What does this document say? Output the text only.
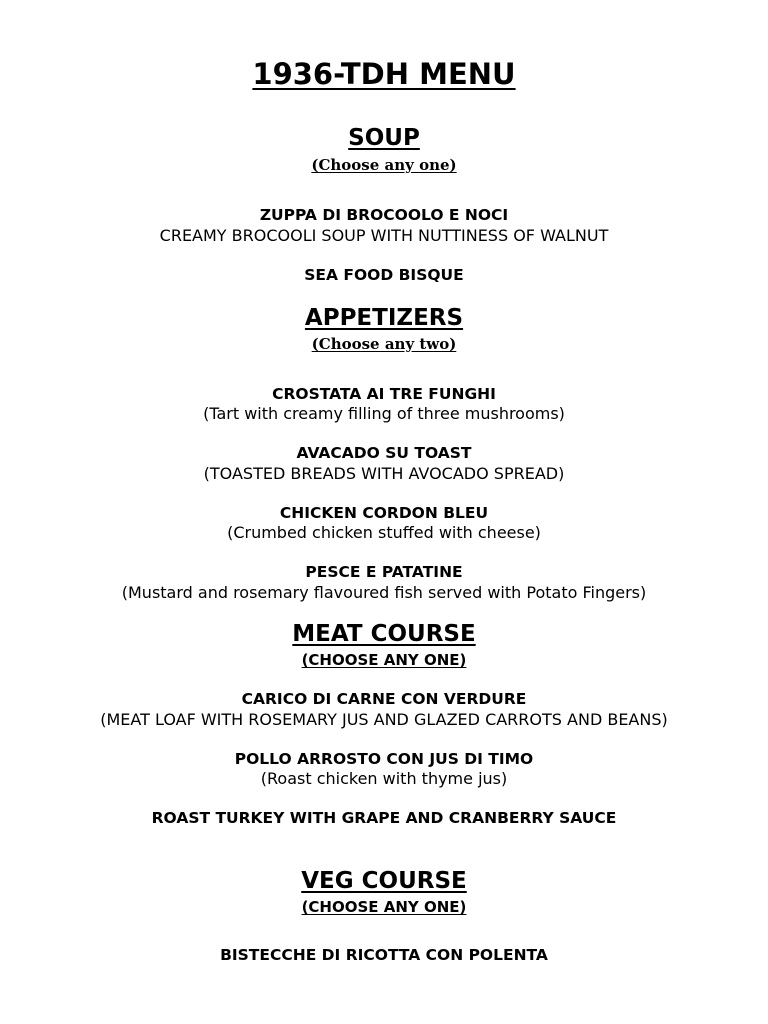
1936-TDH MENU
SOUP
(Choose any one)
ZUPPA DI BROCOOLO E NOCI
CREAMY BROCOOLI SOUP WITH NUTTINESS OF WALNUT
SEA FOOD BISQUE
APPETIZERS
(Choose any two)
CROSTATA AI TRE FUNGHI
(Tart with creamy filling of three mushrooms)
AVACADO SU TOAST
(TOASTED BREADS WITH AVOCADO SPREAD)
CHICKEN CORDON BLEU
(Crumbed chicken stuffed with cheese)
PESCE E PATATINE
(Mustard and rosemary flavoured fish served with Potato Fingers)
MEAT COURSE
(CHOOSE ANY ONE)
CARICO DI CARNE CON VERDURE
(MEAT LOAF WITH ROSEMARY JUS AND GLAZED CARROTS AND BEANS)
POLLO ARROSTO CON JUS DI TIMO
(Roast chicken with thyme jus)
ROAST TURKEY WITH GRAPE AND CRANBERRY SAUCE
VEG COURSE
(CHOOSE ANY ONE)
BISTECCHE DI RICOTTA CON POLENTA
